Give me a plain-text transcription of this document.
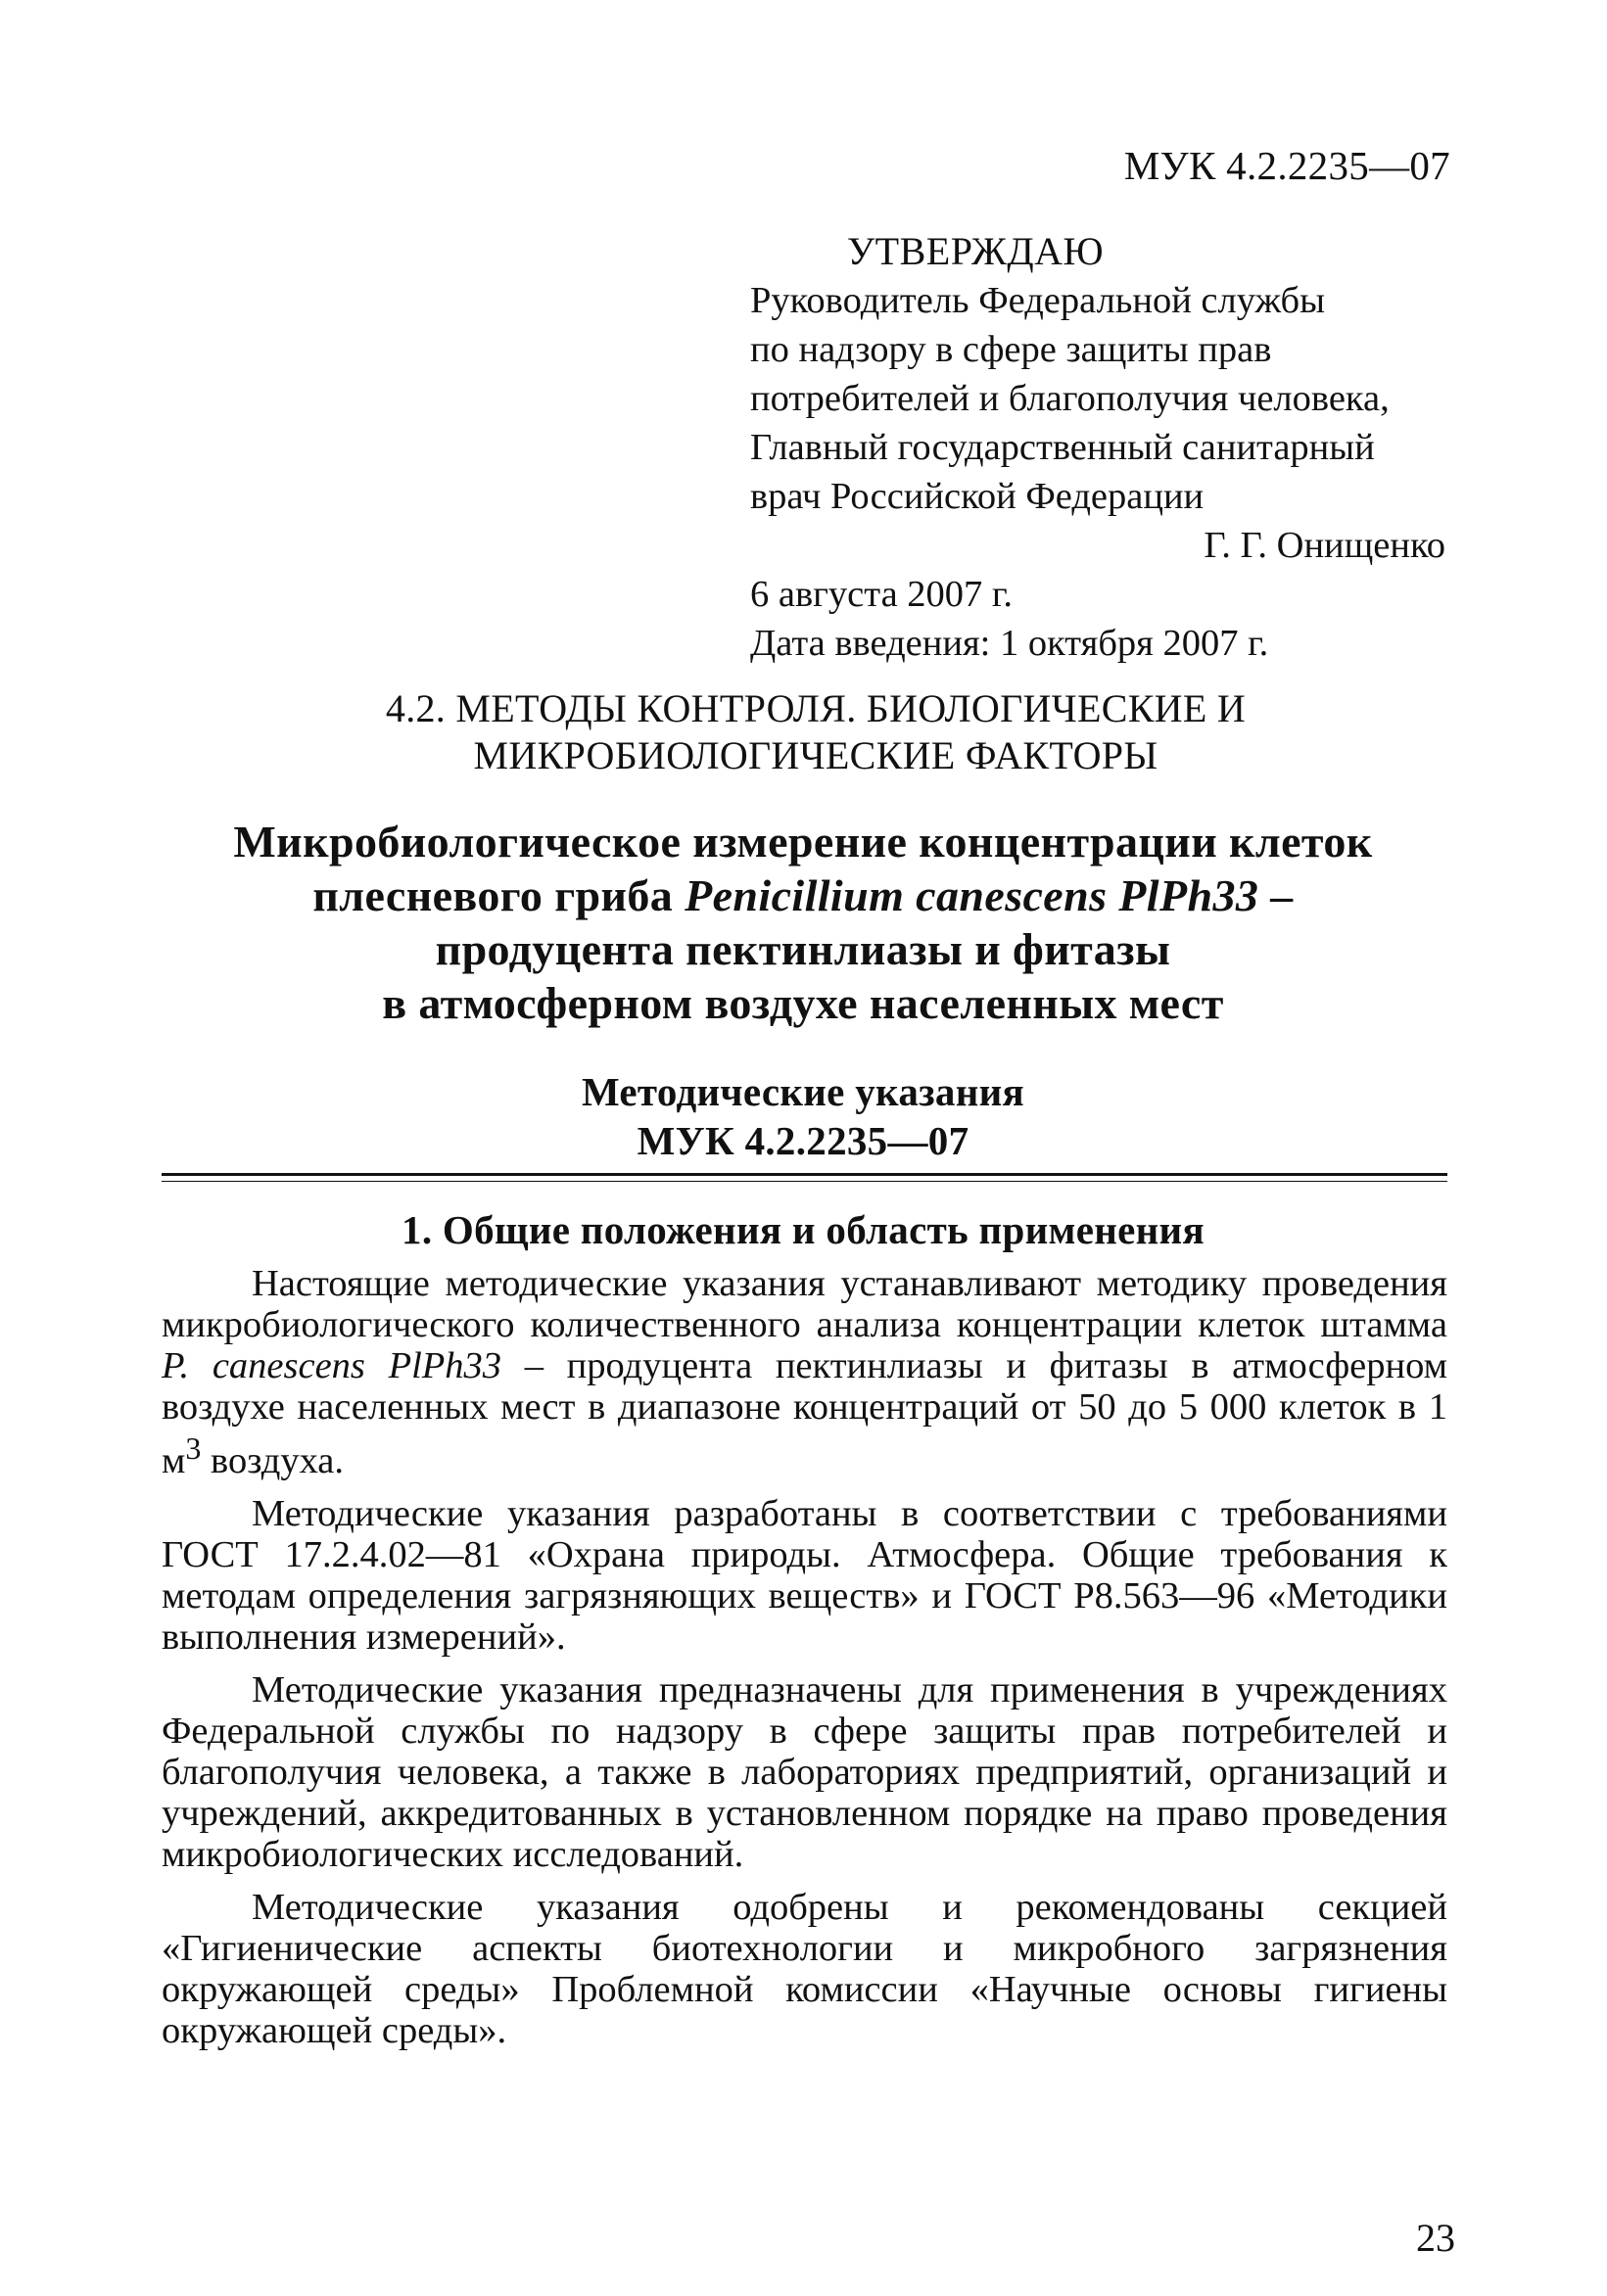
МУК 4.2.2235—07
УТВЕРЖДАЮ
Руководитель Федеральной службы
по надзору в сфере защиты прав
потребителей и благополучия человека,
Главный государственный санитарный
врач Российской Федерации
Г. Г. Онищенко
6 августа 2007 г.
Дата введения: 1 октября 2007 г.
4.2. МЕТОДЫ КОНТРОЛЯ. БИОЛОГИЧЕСКИЕ И
МИКРОБИОЛОГИЧЕСКИЕ ФАКТОРЫ
Микробиологическое измерение концентрации клеток
плесневого гриба Penicillium canescens PlPh33 –
продуцента пектинлиазы и фитазы
в атмосферном воздухе населенных мест
Методические указания
МУК 4.2.2235—07
1. Общие положения и область применения

Настоящие методические указания устанавливают методику проведения микробиологического количественного анализа концентрации клеток штамма P. canescens PlPh33 – продуцента пектинлиазы и фитазы в атмосферном воздухе населенных мест в диапазоне концентраций от 50 до 5 000 клеток в 1 $м^3$ воздуха.

Методические указания разработаны в соответствии с требованиями ГОСТ 17.2.4.02—81 «Охрана природы. Атмосфера. Общие требования к методам определения загрязняющих веществ» и ГОСТ Р8.563—96 «Методики выполнения измерений».

Методические указания предназначены для применения в учреждениях Федеральной службы по надзору в сфере защиты прав потребителей и благополучия человека, а также в лабораториях предприятий, организаций и учреждений, аккредитованных в установленном порядке на право проведения микробиологических исследований.

Методические указания одобрены и рекомендованы секцией «Гигиенические аспекты биотехнологии и микробного загрязнения окружающей среды» Проблемной комиссии «Научные основы гигиены окружающей среды».

23
